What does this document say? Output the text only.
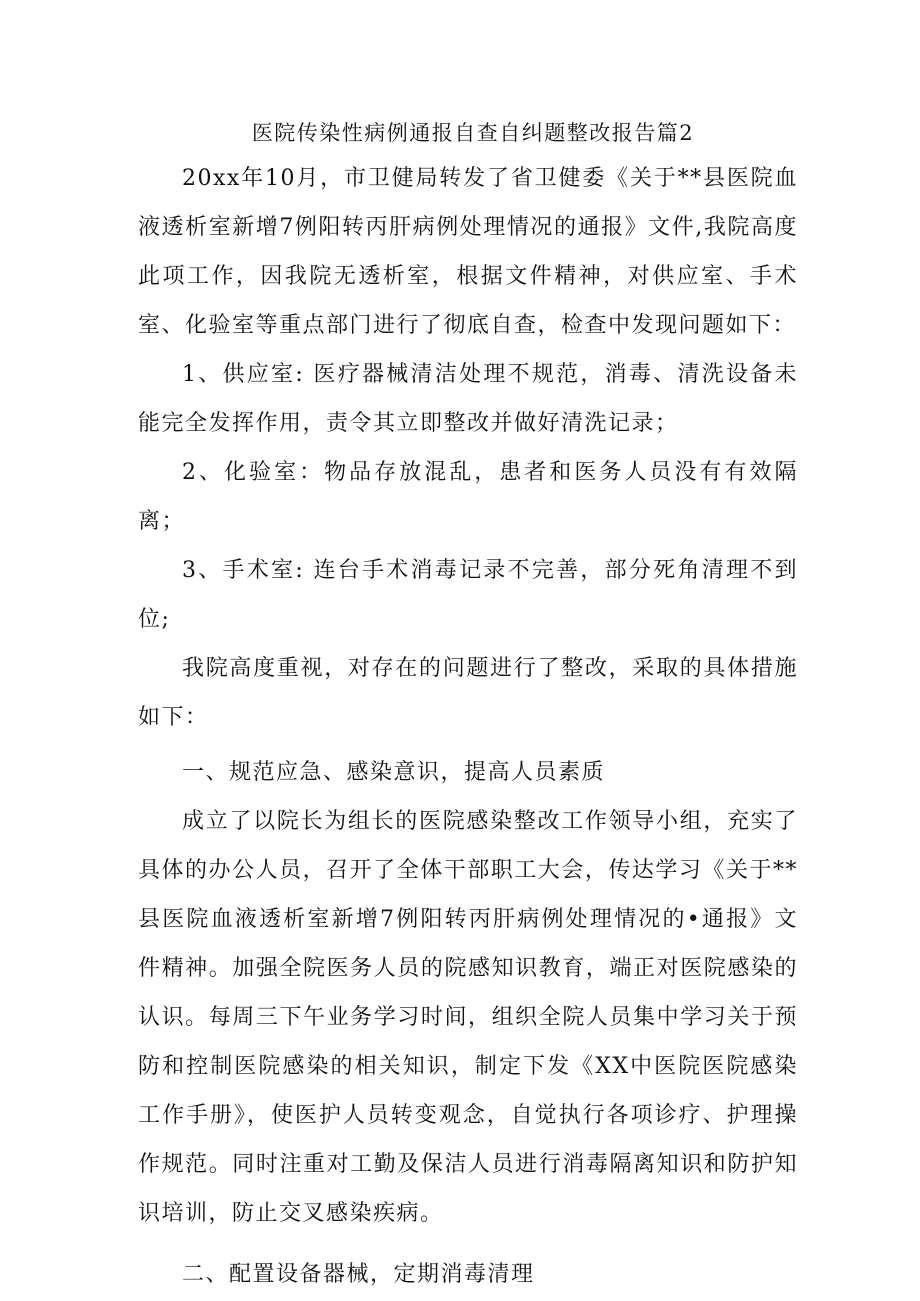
医院传染性病例通报自查自纠题整改报告篇2

20xx年10月，市卫健局转发了省卫健委《关于**县医院血液透析室新增7例阳转丙肝病例处理情况的通报》文件,我院高度此项工作，因我院无透析室，根据文件精神，对供应室、手术室、化验室等重点部门进行了彻底自查，检查中发现问题如下：

1、供应室: 医疗器械清洁处理不规范，消毒、清洗设备未能完全发挥作用，责令其立即整改并做好清洗记录；

2、化验室：物品存放混乱，患者和医务人员没有有效隔离；

3、手术室: 连台手术消毒记录不完善，部分死角清理不到位;

我院高度重视，对存在的问题进行了整改，采取的具体措施如下：

一、规范应急、感染意识，提高人员素质

成立了以院长为组长的医院感染整改工作领导小组，充实了具体的办公人员，召开了全体干部职工大会，传达学习《关于**县医院血液透析室新增7例阳转丙肝病例处理情况的•通报》文件精神。加强全院医务人员的院感知识教育，端正对医院感染的认识。每周三下午业务学习时间，组织全院人员集中学习关于预防和控制医院感染的相关知识，制定下发《XX中医院医院感染工作手册》，使医护人员转变观念，自觉执行各项诊疗、护理操作规范。同时注重对工勤及保洁人员进行消毒隔离知识和防护知识培训，防止交叉感染疾病。

二、配置设备器械，定期消毒清理
